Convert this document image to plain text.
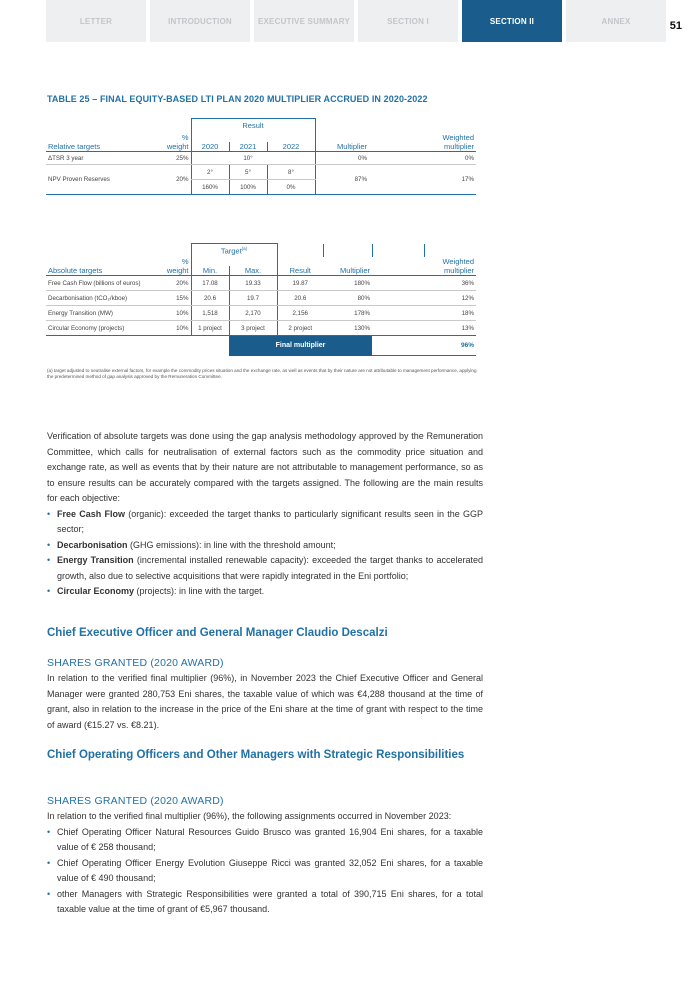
LETTER	INTRODUCTION	EXECUTIVE SUMMARY	SECTION I	SECTION II	ANNEX	51
TABLE 25 – FINAL EQUITY-BASED LTI PLAN 2020 MULTIPLIER ACCRUED IN 2020-2022
		Result					
	%						Weighted
Relative targets	weight	2020	2021	2022	Multiplier		multiplier
ΔTSR 3 year	25%		10°		0%		0%
NPV Proven Reserves	20%	2°	5°	8°	87%		17%
		160%	100%	0%			
		Target$^{(a)}$				
	%						Weighted
Absolute targets	weight	Min.	Max.	Result	Multiplier		multiplier
Free Cash Flow (billions of euros)	20%	17.08	19.33	19.87	180%		36%
Decarbonisation (tCO₂/kboe)	15%	20.6	19.7	20.6	80%		12%
Energy Transition (MW)	10%	1,518	2,170	2,156	178%		18%
Circular Economy (projects)	10%	1 project	3 project	2 project	130%		13%
			Final multiplier			96%	
(a) target adjusted to neutralise external factors, for example the commodity prices situation and the exchange rate, as well as events that by their nature are not attributable to management performance, applying the predetermined method of gap analysis approved by the Remuneration Committee.

Verification of absolute targets was done using the gap analysis methodology approved by the Remuneration Committee, which calls for neutralisation of external factors such as the commodity price situation and exchange rate, as well as events that by their nature are not attributable to management performance, so as to ensure results can be accurately compared with the targets assigned. The following are the main results for each objective:

• Free Cash Flow (organic): exceeded the target thanks to particularly significant results seen in the GGP sector;
• Decarbonisation (GHG emissions): in line with the threshold amount;
• Energy Transition (incremental installed renewable capacity): exceeded the target thanks to accelerated growth, also due to selective acquisitions that were rapidly integrated in the Eni portfolio;
• Circular Economy (projects): in line with the target.
Chief Executive Officer and General Manager Claudio Descalzi
SHARES GRANTED (2020 AWARD)
In relation to the verified final multiplier (96%), in November 2023 the Chief Executive Officer and General Manager were granted 280,753 Eni shares, the taxable value of which was €4,288 thousand at the time of grant, also in relation to the increase in the price of the Eni share at the time of grant with respect to the time of award (€15.27 vs. €8.21).
Chief Operating Officers and Other Managers with Strategic Responsibilities
SHARES GRANTED (2020 AWARD)

In relation to the verified final multiplier (96%), the following assignments occurred in November 2023:

• Chief Operating Officer Natural Resources Guido Brusco was granted 16,904 Eni shares, for a taxable value of € 258 thousand;
• Chief Operating Officer Energy Evolution Giuseppe Ricci was granted 32,052 Eni shares, for a taxable value of € 490 thousand;
• other Managers with Strategic Responsibilities were granted a total of 390,715 Eni shares, for a total taxable value at the time of grant of €5,967 thousand.
